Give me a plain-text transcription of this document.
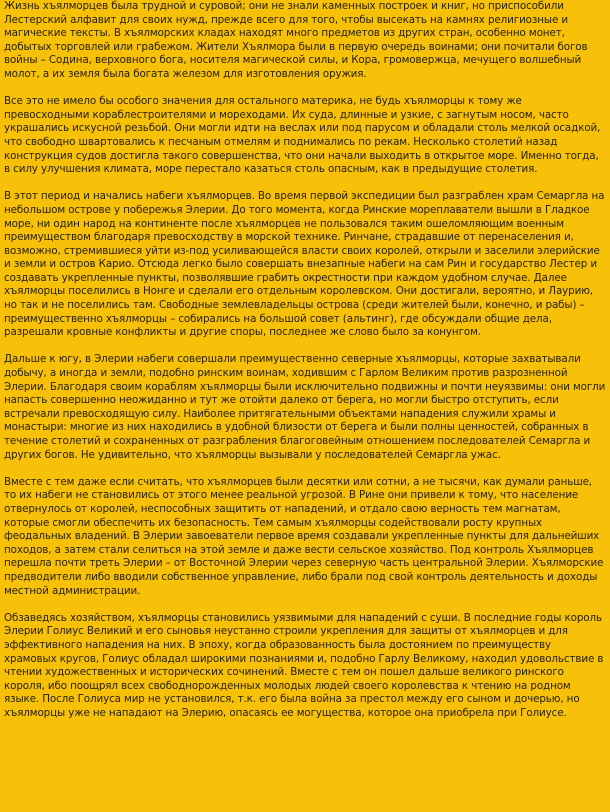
Жизнь хъялморцев была трудной и суровой; они не знали каменных построек и книг, но приспособили Лестерский алфавит для своих нужд, прежде всего для того, чтобы высекать на камнях религиозные и магические тексты. В хъялморских кладах находят много предметов из других стран, особенно монет, добытых торговлей или грабежом. Жители Хъялмора были в первую очередь воинами; они почитали богов войны – Содина, верховного бога, носителя магической силы, и Кора, громовержца, мечущего волшебный молот, а их земля была богата железом для изготовления оружия.

Все это не имело бы особого значения для остального материка, не будь хъялморцы к тому же превосходными кораблестроителями и мореходами. Их суда, длинные и узкие, с загнутым носом, часто украшались искусной резьбой. Они могли идти на веслах или под парусом и обладали столь мелкой осадкой, что свободно швартовались к песчаным отмелям и поднимались по рекам. Несколько столетий назад конструкция судов достигла такого совершенства, что они начали выходить в открытое море. Именно тогда, в силу улучшения климата, море перестало казаться столь опасным, как в предыдущие столетия.

В этот период и начались набеги хъялморцев. Во время первой экспедиции был разграблен храм Семаргла на небольшом острове у побережья Элерии. До того момента, когда Ринские мореплаватели вышли в Гладкое море, ни один народ на континенте после хъялморцев не пользовался таким ошеломляющим военным преимуществом благодаря превосходству в морской технике. Ринчане, страдавшие от перенаселения и, возможно, стремившиеся уйти из-под усиливающейся власти своих королей, открыли и заселили элерийские и земли и остров Карио. Отсюда легко было совершать внезапные набеги на сам Рин и государство Лестер и создавать укрепленные пункты, позволявшие грабить окрестности при каждом удобном случае. Далее хъялморцы поселились в Нонге и сделали его отдельным королевском. Они достигали, вероятно, и Лаурию, но так и не поселились там. Свободные землевладельцы острова (среди жителей были, конечно, и рабы) – преимущественно хъялморцы – собирались на большой совет (альтинг), где обсуждали общие дела, разрешали кровные конфликты и другие споры, последнее же слово было за конунгом.

Дальше к югу, в Элерии набеги совершали преимущественно северные хъялморцы, которые захватывали добычу, а иногда и земли, подобно ринским воинам, ходившим с Гарлом Великим против разрозненной Элерии. Благодаря своим кораблям хъялморцы были исключительно подвижны и почти неуязвимы: они могли напасть совершенно неожиданно и тут же отойти далеко от берега, но могли быстро отступить, если встречали превосходящую силу. Наиболее притягательными объектами нападения служили храмы и монастыри: многие из них находились в удобной близости от берега и были полны ценностей, собранных в течение столетий и сохраненных от разграбления благоговейным отношением последователей Семаргла и других богов. Не удивительно, что хъялморцы вызывали у последователей Семаргла ужас.

Вместе с тем даже если считать, что хъялморцев были десятки или сотни, а не тысячи, как думали раньше, то их набеги не становились от этого менее реальной угрозой. В Рине они привели к тому, что население отвернулось от королей, неспособных защитить от нападений, и отдало свою верность тем магнатам, которые смогли обеспечить их безопасность. Тем самым хъялморцы содействовали росту крупных феодальных владений. В Элерии завоеватели первое время создавали укрепленные пункты для дальнейших походов, а затем стали селиться на этой земле и даже вести сельское хозяйство. Под контроль Хъялморцев перешла почти треть Элерии – от Восточной Элерии через северную часть центральной Элерии. Хъялморские предводители либо вводили собственное управление, либо брали под свой контроль деятельность и доходы местной администрации.

Обзаведясь хозяйством, хъялморцы становились уязвимыми для нападений с суши. В последние годы король Элерии Голиус Великий и его сыновья неустанно строили укрепления для защиты от хъялморцев и для эффективного нападения на них. В эпоху, когда образованность была достоянием по преимуществу храмовых кругов, Голиус обладал широкими познаниями и, подобно Гарлу Великому, находил удовольствие в чтении художественных и исторических сочинений. Вместе с тем он пошел дальше великого ринского короля, ибо поощрял всех свободнорожденных молодых людей своего королевства к чтению на родном языке. После Голиуса мир не установился, т.к. его была война за престол между его сыном и дочерью, но хъялморцы уже не нападают на Элерию, опасаясь ее могущества, которое она приобрела при Голиусе.
